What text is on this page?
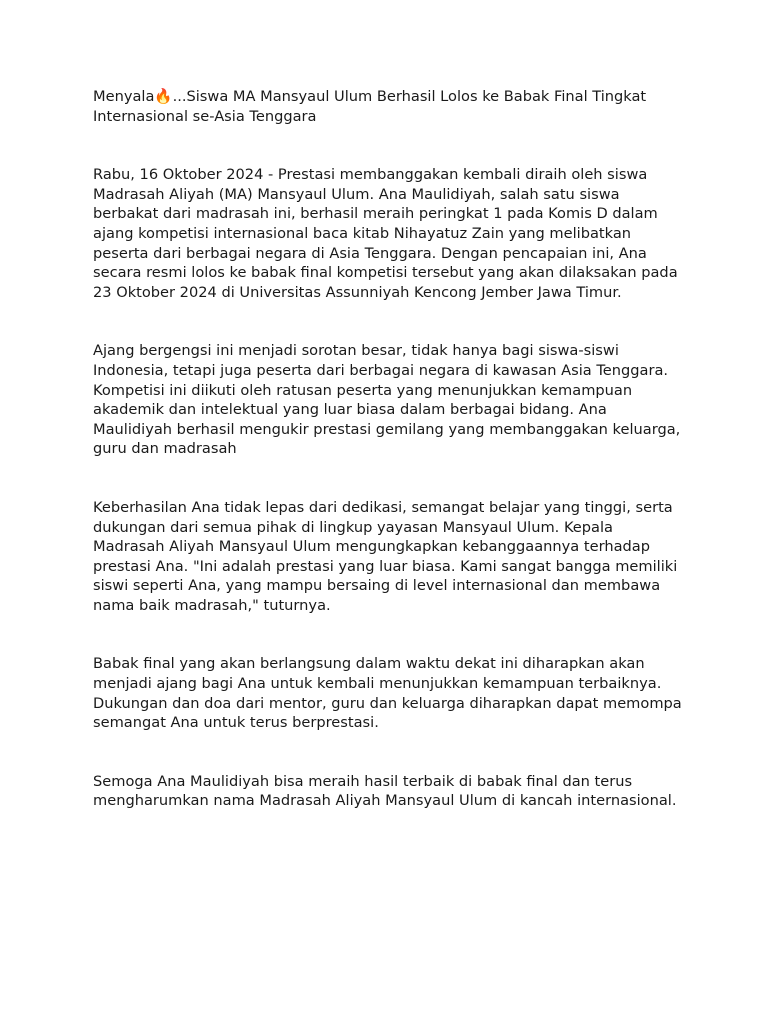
Menyala🔥...Siswa MA Mansyaul Ulum Berhasil Lolos ke Babak Final Tingkat Internasional se-Asia Tenggara

Rabu, 16 Oktober 2024 - Prestasi membanggakan kembali diraih oleh siswa Madrasah Aliyah (MA) Mansyaul Ulum. Ana Maulidiyah, salah satu siswa berbakat dari madrasah ini, berhasil meraih peringkat 1 pada Komis D dalam ajang kompetisi internasional baca kitab Nihayatuz Zain yang melibatkan peserta dari berbagai negara di Asia Tenggara. Dengan pencapaian ini, Ana secara resmi lolos ke babak final kompetisi tersebut yang akan dilaksakan pada 23 Oktober 2024 di Universitas Assunniyah Kencong Jember Jawa Timur.

Ajang bergengsi ini menjadi sorotan besar, tidak hanya bagi siswa-siswi Indonesia, tetapi juga peserta dari berbagai negara di kawasan Asia Tenggara. Kompetisi ini diikuti oleh ratusan peserta yang menunjukkan kemampuan akademik dan intelektual yang luar biasa dalam berbagai bidang. Ana Maulidiyah berhasil mengukir prestasi gemilang yang membanggakan keluarga, guru dan madrasah

Keberhasilan Ana tidak lepas dari dedikasi, semangat belajar yang tinggi, serta dukungan dari semua pihak di lingkup yayasan Mansyaul Ulum. Kepala Madrasah Aliyah Mansyaul Ulum mengungkapkan kebanggaannya terhadap prestasi Ana. "Ini adalah prestasi yang luar biasa. Kami sangat bangga memiliki siswi seperti Ana, yang mampu bersaing di level internasional dan membawa nama baik madrasah," tuturnya.

Babak final yang akan berlangsung dalam waktu dekat ini diharapkan akan menjadi ajang bagi Ana untuk kembali menunjukkan kemampuan terbaiknya. Dukungan dan doa dari mentor, guru dan keluarga diharapkan dapat memompa semangat Ana untuk terus berprestasi.

Semoga Ana Maulidiyah bisa meraih hasil terbaik di babak final dan terus mengharumkan nama Madrasah Aliyah Mansyaul Ulum di kancah internasional.
